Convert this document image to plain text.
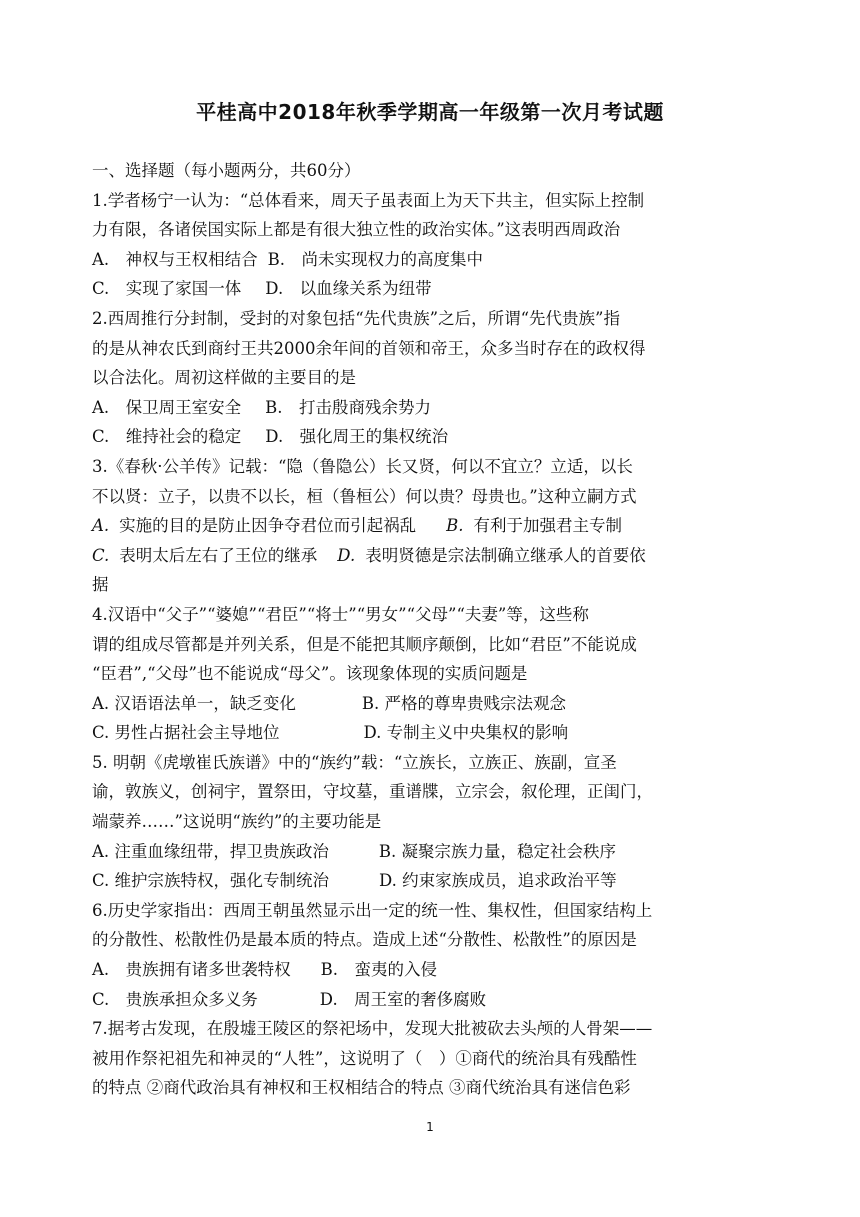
平桂高中2018年秋季学期高一年级第一次月考试题
一、选择题（每小题两分，共60分）
1.学者杨宁一认为：“总体看来，周天子虽表面上为天下共主，但实际上控制
力有限，各诸侯国实际上都是有很大独立性的政治实体。”这表明西周政治
A.　神权与王权相结合 B.　尚未实现权力的高度集中
C.　实现了家国一体	D.　以血缘关系为纽带
2.西周推行分封制，受封的对象包括“先代贵族”之后，所谓“先代贵族”指
的是从神农氏到商纣王共2000余年间的首领和帝王，众多当时存在的政权得
以合法化。周初这样做的主要目的是
A.　保卫周王室安全	B.　打击殷商残余势力
C.　维持社会的稳定	D.　强化周王的集权统治
3.《春秋·公羊传》记载：“隐（鲁隐公）长又贤，何以不宜立？立适，以长
不以贤：立子，以贵不以长，桓（鲁桓公）何以贵？母贵也。”这种立嗣方式
A. 实施的目的是防止因争夺君位而引起祸乱	B. 有利于加强君主专制
C. 表明太后左右了王位的继承	D. 表明贤德是宗法制确立继承人的首要依
据
4.汉语中“父子”“婆媳”“君臣”“将士”“男女”“父母”“夫妻”等，这些称
谓的组成尽管都是并列关系，但是不能把其顺序颠倒，比如“君臣”不能说成
“臣君”,“父母”也不能说成“母父”。该现象体现的实质问题是
A. 汉语语法单一，缺乏变化	B. 严格的尊卑贵贱宗法观念
C. 男性占据社会主导地位	D. 专制主义中央集权的影响
5. 明朝《虎墩崔氏族谱》中的“族约”载：“立族长，立族正、族副，宣圣
谕，敦族义，创祠宇，置祭田，守坟墓，重谱牒，立宗会，叙伦理，正闺门，
端蒙养……”这说明“族约”的主要功能是
A. 注重血缘纽带，捍卫贵族政治	B. 凝聚宗族力量，稳定社会秩序
C. 维护宗族特权，强化专制统治	D. 约束家族成员，追求政治平等
6.历史学家指出：西周王朝虽然显示出一定的统一性、集权性，但国家结构上
的分散性、松散性仍是最本质的特点。造成上述“分散性、松散性”的原因是
A.　贵族拥有诸多世袭特权	B.　蛮夷的入侵
C.　贵族承担众多义务	D.　周王室的奢侈腐败
7.据考古发现，在殷墟王陵区的祭祀场中，发现大批被砍去头颅的人骨架——
被用作祭祀祖先和神灵的“人牲”，这说明了（　）①商代的统治具有残酷性
的特点 ②商代政治具有神权和王权相结合的特点 ③商代统治具有迷信色彩
1
